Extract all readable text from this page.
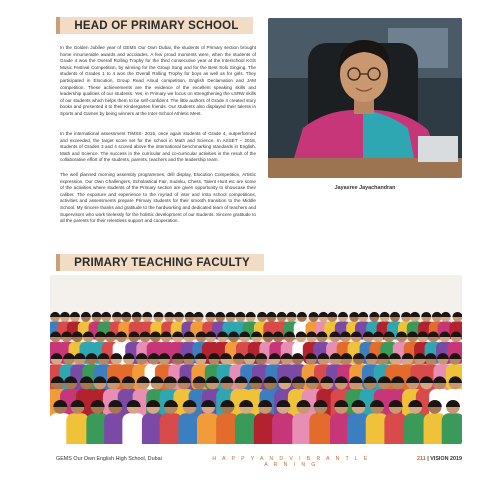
HEAD OF PRIMARY SCHOOL

In the Golden Jubilee year of GEMS Our Own Dubai, the students of Primary section brought home innumerable awards and accolades. A few proud moments were, when the students of Grade 4 won the Overall Rolling Trophy for the third consecutive year at the Interschool KGS Music Festival Competition, by winning for the Group Song and for the Best Solo Singing. The students of Grades 1 to 4 won the Overall Rolling Trophy for boys as well as for girls. They participated in Elocution, Group Read Aloud competition, English Declamation and JAM competition. These achievements are the evidence of the excellent speaking skills and leadership qualities of our students. Yes, in Primary we focus on strengthening the LSRW skills of our students which helps them to be self-confident. The little authors of Grade 4 created story books and presented it to their Kindergarten friends. Our students also displayed their talents in Sports and Games by being winners at the Inter-School Athletic Meet.

In the international assessment TIMSS- 2015, once again students of Grade 4, outperformed and exceeded, the target score set for the school in Math and Science. In ASSET – 2018, students of Grades 3 and 4 scored above the international benchmarking standards in English, Math and Science. The success in the curricular and co-curricular activities is the result of the collaborative effort of the students, parents, teachers and the leadership team.

The well planned morning assembly programmes, drill display, Elocution Competition, Artistic expression, Our Own Challengers, Scholastical Fair, Sudoku, Chess, Talent Hunt etc are some of the activities where students of the Primary section are given opportunity to showcase their caliber. The exposure and experience to the myriad of inter and intra school competitions, activities and assessments prepare Primary students for their smooth transition to the Middle School. My sincere thanks and gratitude to the hardworking and dedicated team of teachers and Supervisors who work tirelessly for the holistic development of our students. Sincere gratitude to all the parents for their relentless support and cooperation.

Jayasree Jayachandran
PRIMARY TEACHING FACULTY
GEMS Our Own English High School, Dubai	H A P P Y A N D V I B R A N T L E A R N I N G
211 | VISION 2019
